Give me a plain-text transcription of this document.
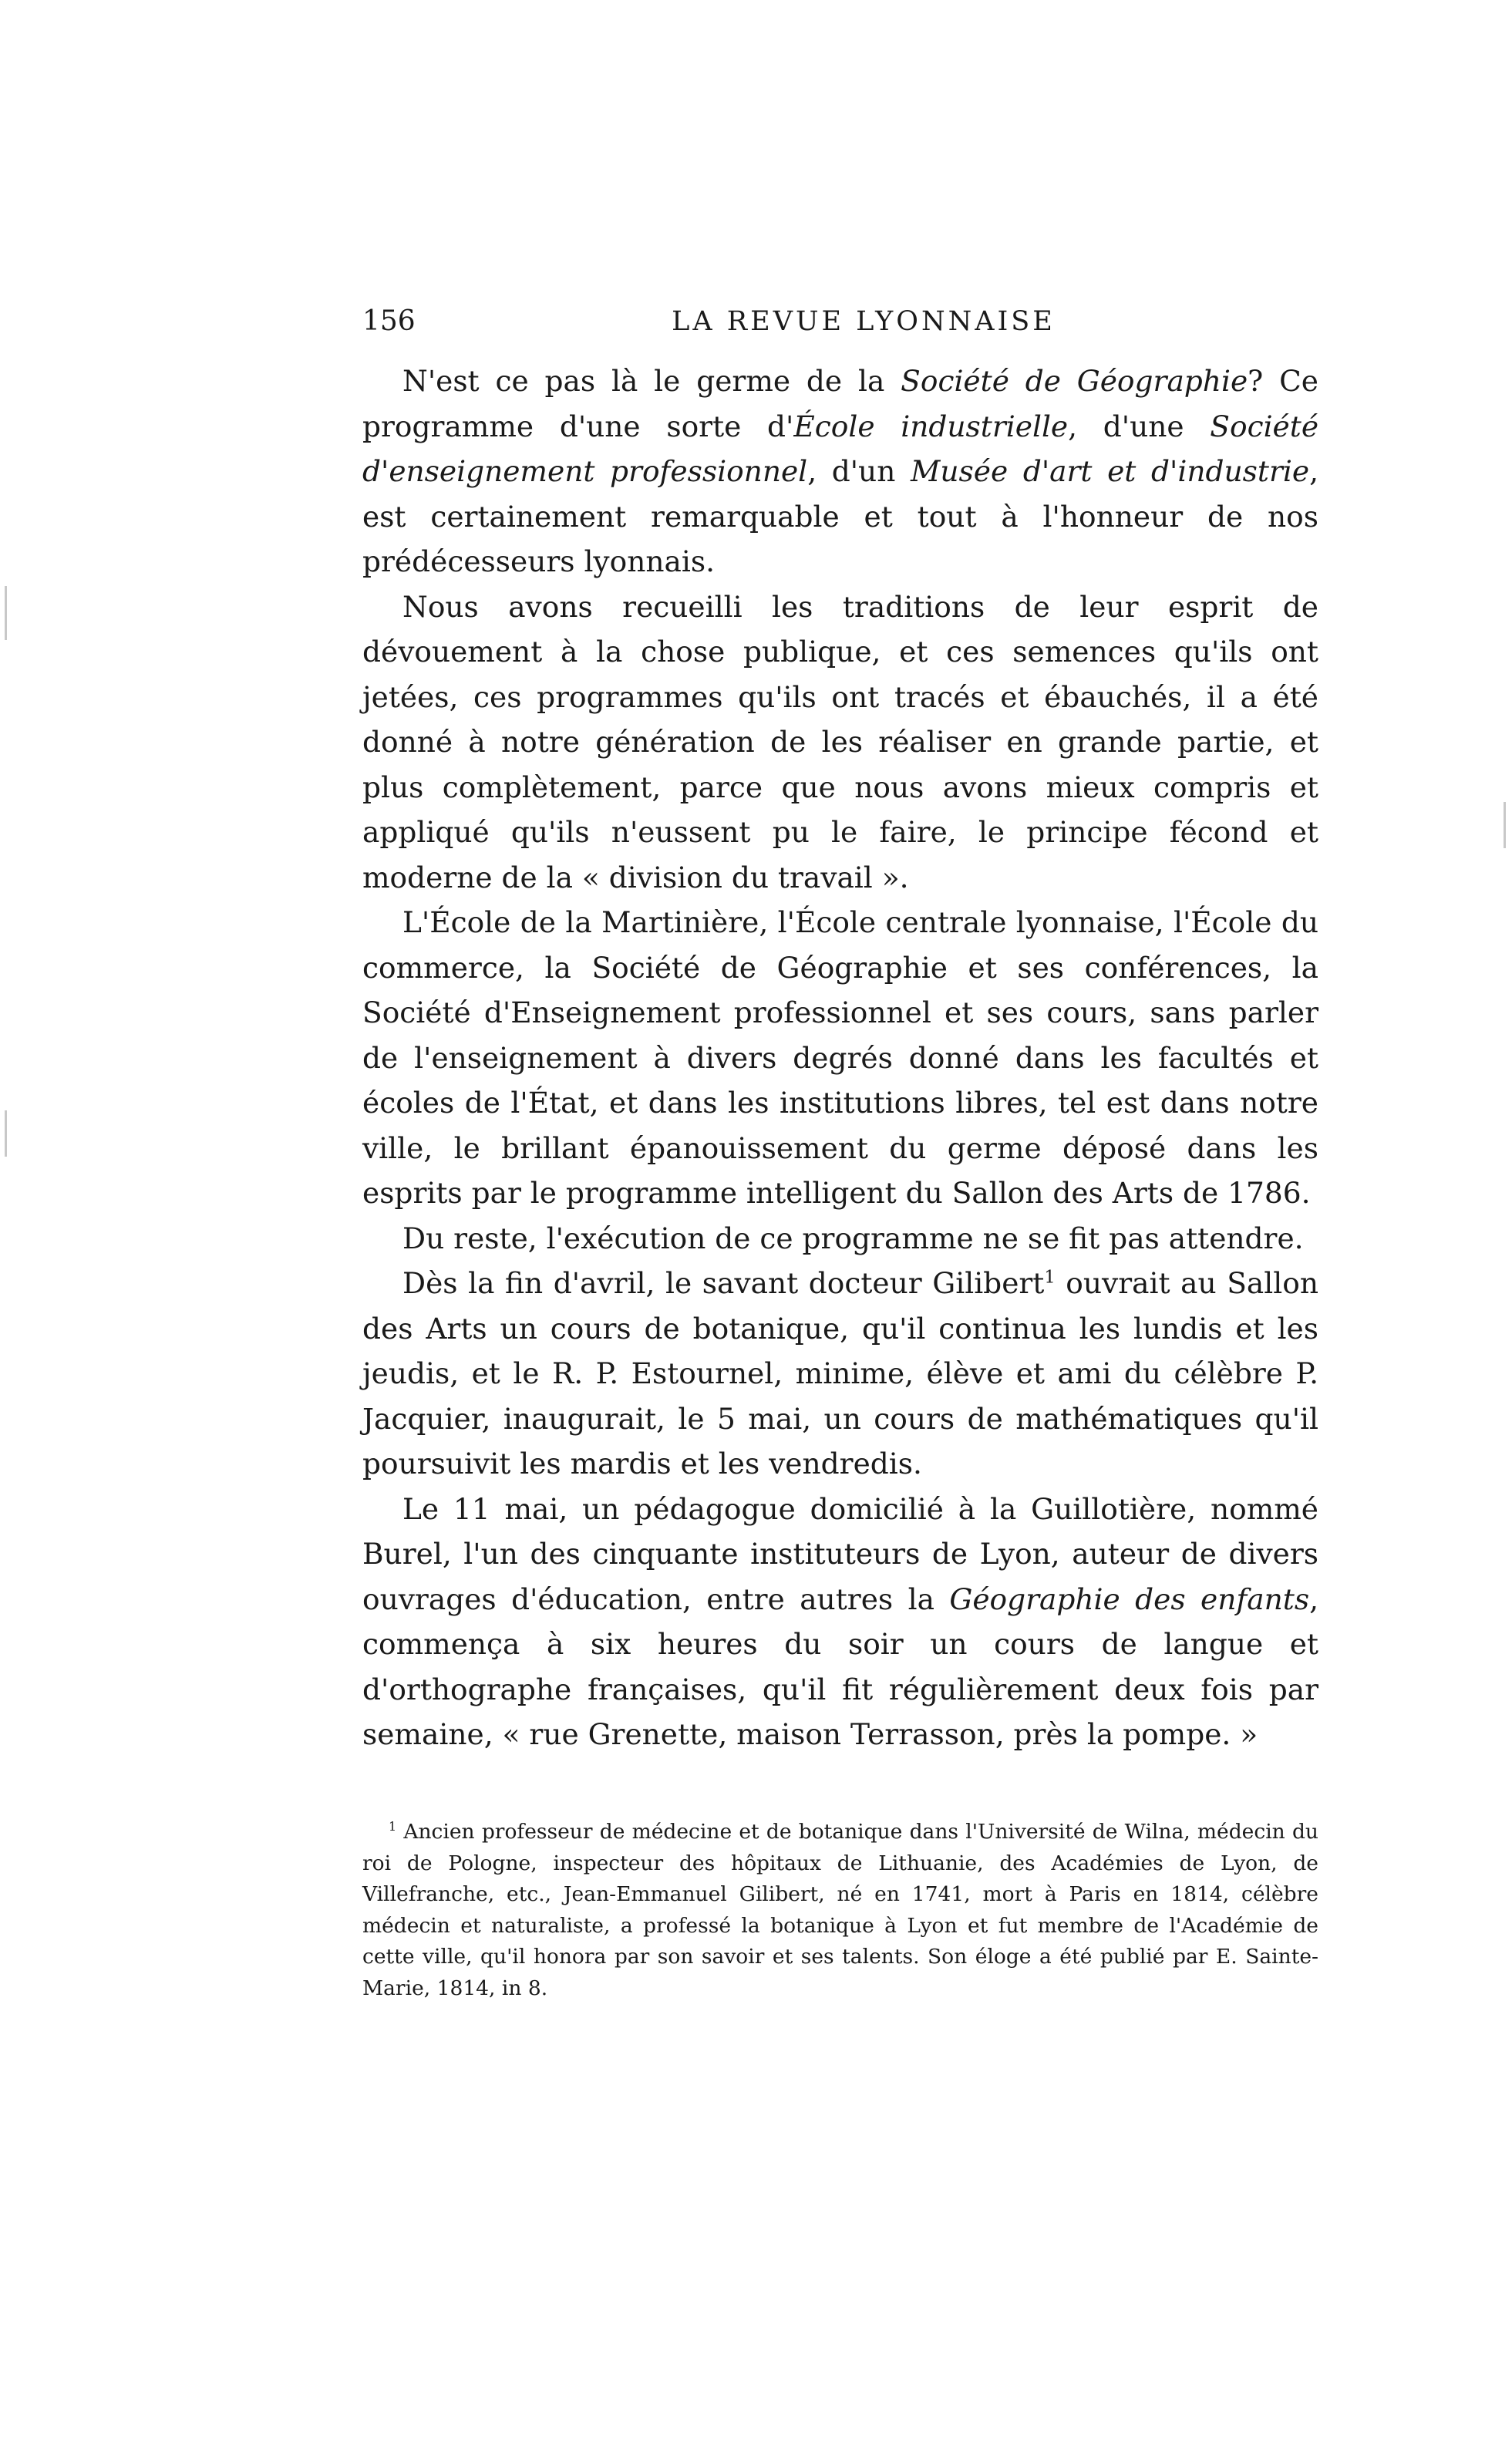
156	LA REVUE LYONNAISE

N'est ce pas là le germe de la Société de Géographie? Ce programme d'une sorte d'École industrielle, d'une Société d'enseignement professionnel, d'un Musée d'art et d'industrie, est certainement remarquable et tout à l'honneur de nos prédécesseurs lyonnais.

Nous avons recueilli les traditions de leur esprit de dévouement à la chose publique, et ces semences qu'ils ont jetées, ces programmes qu'ils ont tracés et ébauchés, il a été donné à notre génération de les réaliser en grande partie, et plus complètement, parce que nous avons mieux compris et appliqué qu'ils n'eussent pu le faire, le principe fécond et moderne de la « division du travail ».

L'École de la Martinière, l'École centrale lyonnaise, l'École du commerce, la Société de Géographie et ses conférences, la Société d'Enseignement professionnel et ses cours, sans parler de l'enseignement à divers degrés donné dans les facultés et écoles de l'État, et dans les institutions libres, tel est dans notre ville, le brillant épanouissement du germe déposé dans les esprits par le programme intelligent du Sallon des Arts de 1786.

Du reste, l'exécution de ce programme ne se fit pas attendre.

Dès la fin d'avril, le savant docteur Gilibert$^1$ ouvrait au Sallon des Arts un cours de botanique, qu'il continua les lundis et les jeudis, et le R. P. Estournel, minime, élève et ami du célèbre P. Jacquier, inaugurait, le 5 mai, un cours de mathématiques qu'il poursuivit les mardis et les vendredis.

Le 11 mai, un pédagogue domicilié à la Guillotière, nommé Burel, l'un des cinquante instituteurs de Lyon, auteur de divers ouvrages d'éducation, entre autres la Géographie des enfants, commença à six heures du soir un cours de langue et d'orthographe françaises, qu'il fit régulièrement deux fois par semaine, « rue Grenette, maison Terrasson, près la pompe. »

$^1$ Ancien professeur de médecine et de botanique dans l'Université de Wilna, médecin du roi de Pologne, inspecteur des hôpitaux de Lithuanie, des Académies de Lyon, de Villefranche, etc., Jean-Emmanuel Gilibert, né en 1741, mort à Paris en 1814, célèbre médecin et naturaliste, a professé la botanique à Lyon et fut membre de l'Académie de cette ville, qu'il honora par son savoir et ses talents. Son éloge a été publié par E. Sainte-Marie, 1814, in 8.
